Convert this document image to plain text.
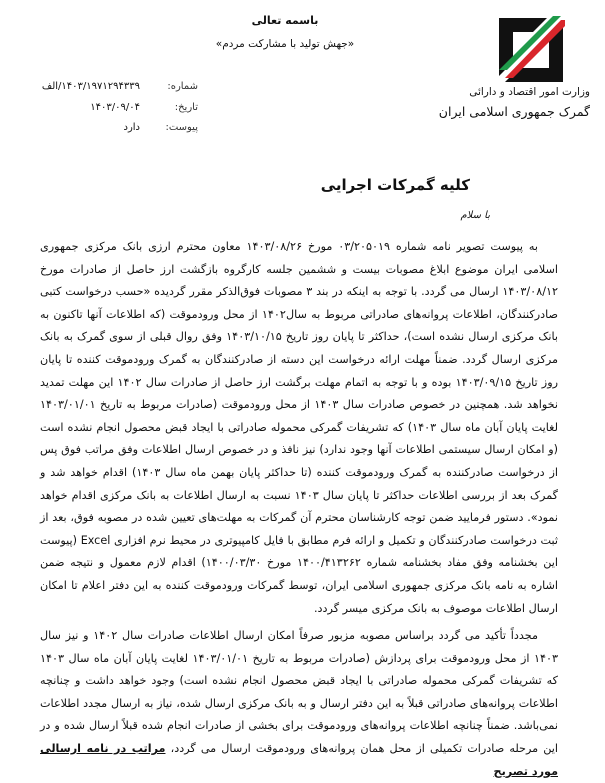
باسمه تعالی
«جهش تولید با مشارکت مردم»
وزارت امور اقتصاد و دارائی
گمرک جمهوری اسلامی ایران
شماره:
۱۴۰۳/۱۹۷۱۲۹۴۳۳۹/الف
تاریخ:
۱۴۰۳/۰۹/۰۴
پیوست:
دارد
کلیه گمرکات اجرایی
با سلام

به پیوست تصویر نامه شماره ۰۳/۲۰۵۰۱۹ مورخ ۱۴۰۳/۰۸/۲۶ معاون محترم ارزی بانک مرکزی جمهوری اسلامی ایران موضوع ابلاغ مصوبات بیست و ششمین جلسه کارگروه بازگشت ارز حاصل از صادرات مورخ ۱۴۰۳/۰۸/۱۲ ارسال می گردد. با توجه به اینکه در بند ۳ مصوبات فوق‌الذکر مقرر گردیده «حسب درخواست کتبی صادرکنندگان، اطلاعات پروانه‌های صادراتی مربوط به سال۱۴۰۲ از محل ورودموقت (که اطلاعات آنها تاکنون به بانک مرکزی ارسال نشده است)، حداکثر تا پایان روز تاریخ ۱۴۰۳/۱۰/۱۵ وفق روال قبلی از سوی گمرک به بانک مرکزی ارسال گردد. ضمناً مهلت ارائه درخواست این دسته از صادرکنندگان به گمرک ورودموقت کننده تا پایان روز تاریخ ۱۴۰۳/۰۹/۱۵ بوده و با توجه به اتمام مهلت برگشت ارز حاصل از صادرات سال ۱۴۰۲ این مهلت تمدید نخواهد شد. همچنین در خصوص صادرات سال ۱۴۰۳ از محل ورودموقت (صادرات مربوط به تاریخ ۱۴۰۳/۰۱/۰۱ لغایت پایان آبان ماه سال ۱۴۰۳) که تشریفات گمرکی محموله صادراتی با ایجاد قبض محصول انجام نشده است (و امکان ارسال سیستمی اطلاعات آنها وجود ندارد) نیز نافذ و در خصوص ارسال اطلاعات وفق مراتب فوق پس از درخواست صادرکننده به گمرک ورودموقت کننده (تا حداکثر پایان بهمن ماه سال ۱۴۰۳) اقدام خواهد شد و گمرک بعد از بررسی اطلاعات حداکثر تا پایان سال ۱۴۰۳ نسبت به ارسال اطلاعات به بانک مرکزی اقدام خواهد نمود». دستور فرمایید ضمن توجه کارشناسان محترم آن گمرکات به مهلت‌های تعیین شده در مصوبه فوق، بعد از ثبت درخواست صادرکنندگان و تکمیل و ارائه فرم مطابق با فایل کامپیوتری در محیط نرم افزاری Excel (پیوست این بخشنامه وفق مفاد بخشنامه شماره ۱۴۰۰/۴۱۳۲۶۲ مورخ ۱۴۰۰/۰۳/۳۰) اقدام لازم معمول و نتیجه ضمن اشاره به نامه بانک مرکزی جمهوری اسلامی ایران، توسط گمرکات ورودموقت کننده به این دفتر اعلام تا امکان ارسال اطلاعات موصوف به بانک مرکزی میسر گردد.

مجدداً تأکید می گردد براساس مصوبه مزبور صرفاً امکان ارسال اطلاعات صادرات سال ۱۴۰۲ و نیز سال ۱۴۰۳ از محل ورودموقت برای پردازش (صادرات مربوط به تاریخ ۱۴۰۳/۰۱/۰۱ لغایت پایان آبان ماه سال ۱۴۰۳ که تشریفات گمرکی محموله صادراتی با ایجاد قبض محصول انجام نشده است) وجود خواهد داشت و چنانچه اطلاعات پروانه‌های صادراتی قبلاً به این دفتر ارسال و به بانک مرکزی ارسال شده، نیاز به ارسال مجدد اطلاعات نمی‌باشد. ضمناً چنانچه اطلاعات پروانه‌های ورودموقت برای بخشی از صادرات انجام شده قبلاً ارسال شده و در این مرحله صادرات تکمیلی از محل همان پروانه‌های ورودموقت ارسال می گردد، مراتب در نامه ارسالی مورد تصریح
